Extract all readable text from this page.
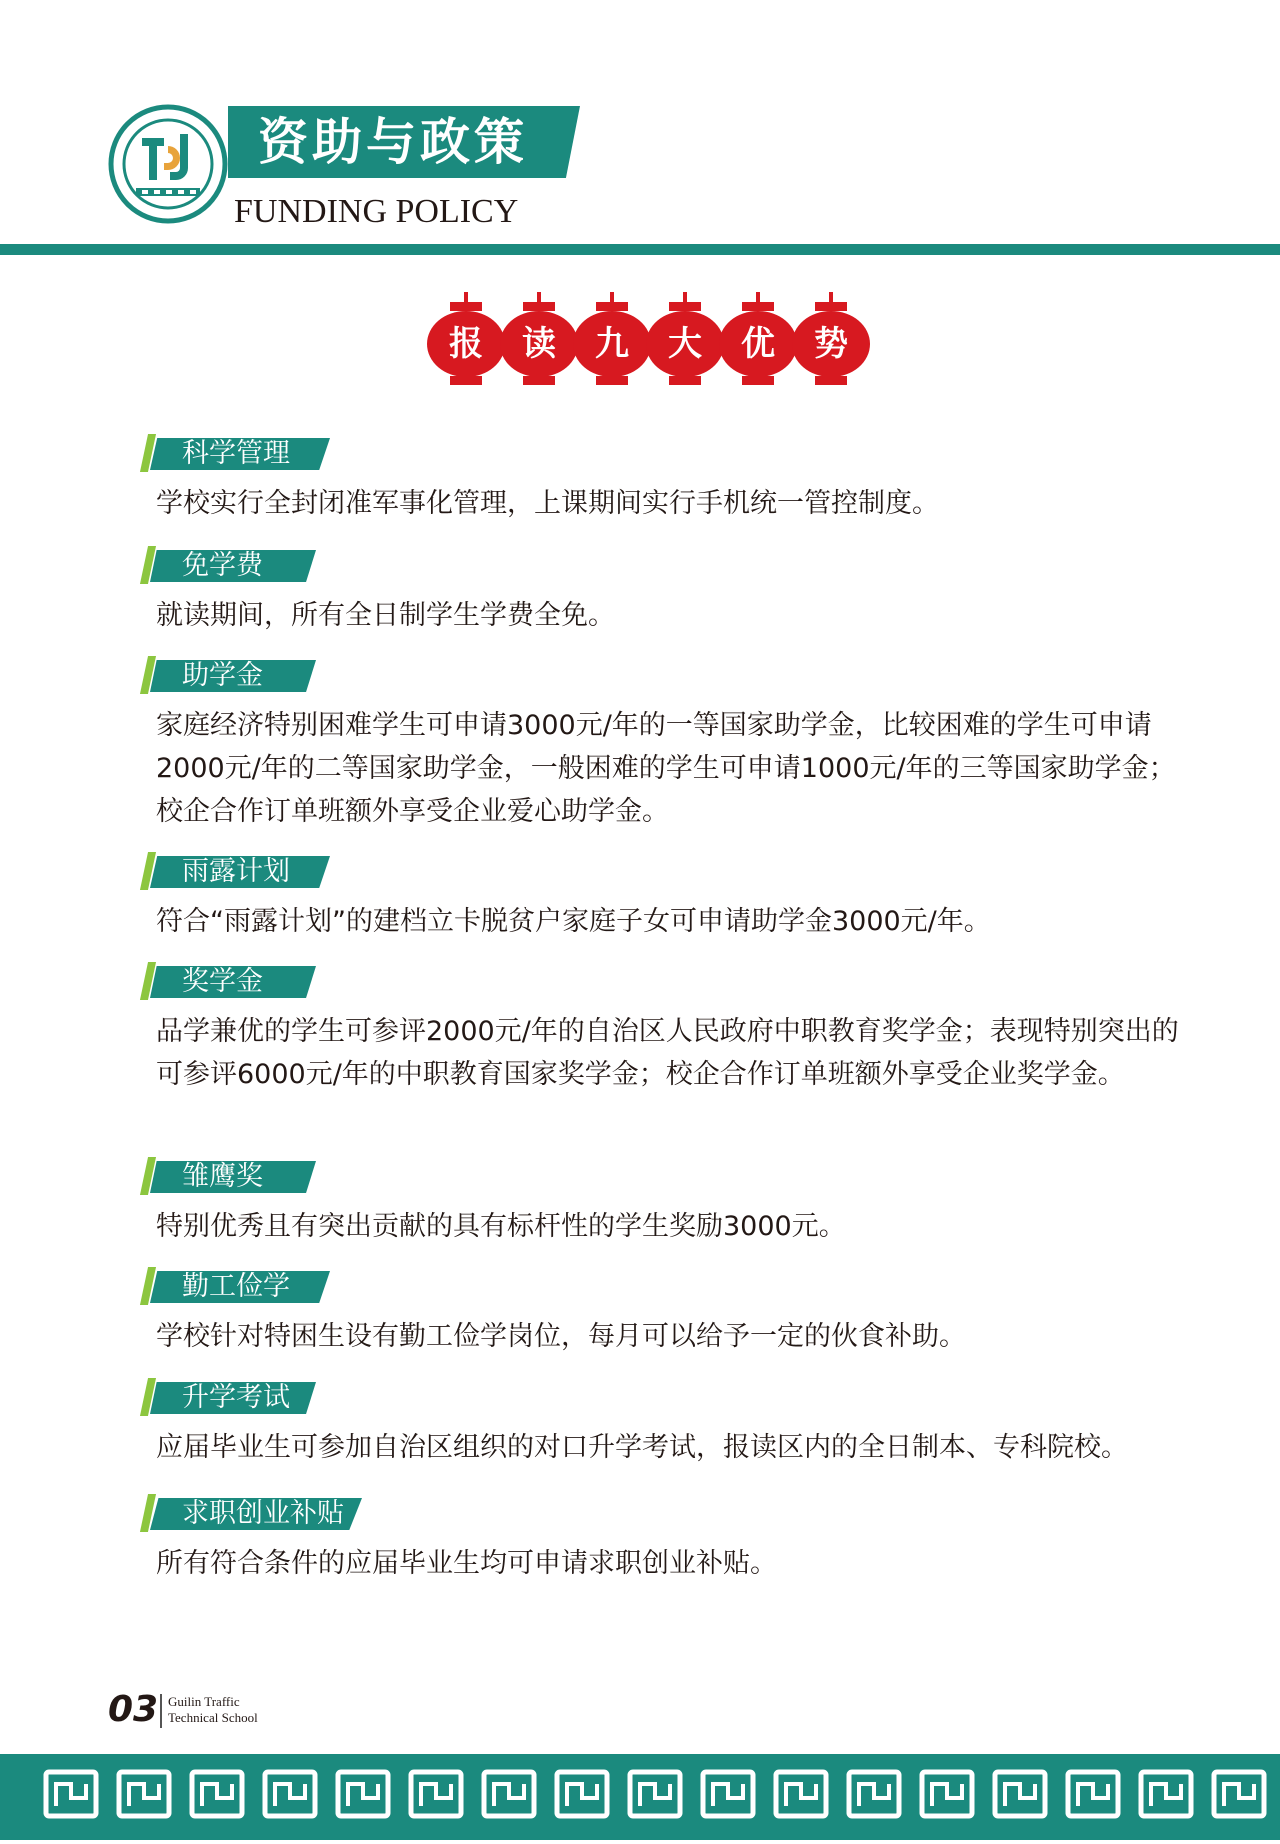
资助与政策
FUNDING POLICY
报 读 九 大 优 势
科学管理

学校实行全封闭准军事化管理，上课期间实行手机统一管控制度。

免学费

就读期间，所有全日制学生学费全免。

助学金

家庭经济特别困难学生可申请3000元/年的一等国家助学金，比较困难的学生可申请2000元/年的二等国家助学金，一般困难的学生可申请1000元/年的三等国家助学金；校企合作订单班额外享受企业爱心助学金。

雨露计划

符合“雨露计划”的建档立卡脱贫户家庭子女可申请助学金3000元/年。

奖学金

品学兼优的学生可参评2000元/年的自治区人民政府中职教育奖学金；表现特别突出的可参评6000元/年的中职教育国家奖学金；校企合作订单班额外享受企业奖学金。

雏鹰奖

特别优秀且有突出贡献的具有标杆性的学生奖励3000元。

勤工俭学

学校针对特困生设有勤工俭学岗位，每月可以给予一定的伙食补助。

升学考试

应届毕业生可参加自治区组织的对口升学考试，报读区内的全日制本、专科院校。

求职创业补贴

所有符合条件的应届毕业生均可申请求职创业补贴。

03 Guilin Traffic
Technical School
